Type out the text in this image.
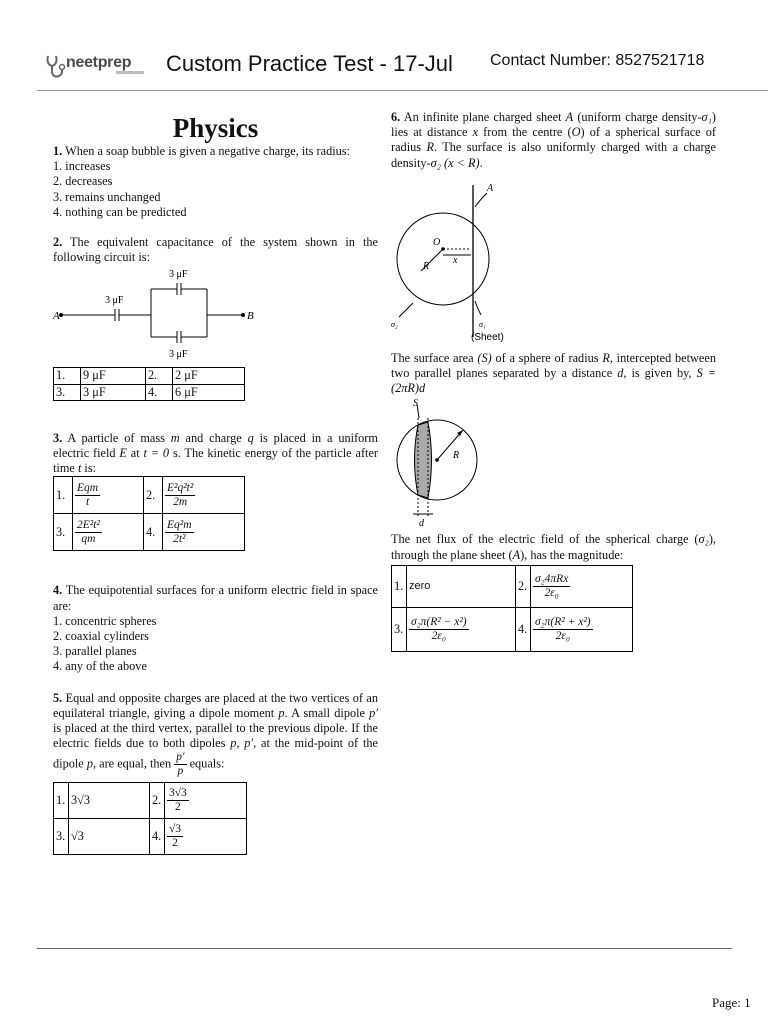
neetprep Custom Practice Test - 17-Jul Contact Number: 8527521718
Physics

1. When a soap bubble is given a negative charge, its radius:

1. increases

2. decreases

3. remains unchanged

4. nothing can be predicted

2. The equivalent capacitance of the system shown in the following circuit is:

A	B
3 μF
3 μF
3 μF
1.	9 μF	2.	2 μF
3.	3 μF	4.	6 μF

3. A particle of mass m and charge q is placed in a uniform electric field E at t = 0 s. The kinetic energy of the particle after time t is:

1.	$\frac{\text{Eqm}}{t}$	2.	$\frac{\text{E²q²t²}}{2m}$

3.	$\frac{\text{2E²t²}}{qm}$	4.	$\frac{\text{Eq²m}}{\text{2t²}}$

4. The equipotential surfaces for a uniform electric field in space are:

1. concentric spheres

2. coaxial cylinders

3. parallel planes

4. any of the above

5. Equal and opposite charges are placed at the two vertices of an equilateral triangle, giving a dipole moment p. A small dipole p′ is placed at the third vertex, parallel to the previous dipole. If the electric fields due to both dipoles p, p′, at the mid-point of the dipole p, are equal, then $\frac{p'}{p}$ equals:

1.	3√3	2.	$\frac{3√3}{2}$

3.	√3	4.	$\frac{√3}{2}$

6. An infinite plane charged sheet A (uniform charge density-σ₁) lies at distance x from the centre (O) of a spherical surface of radius R. The surface is also uniformly charged with a charge density-σ₂ (x < R).

A
O
R
x
σ₂	σ₁
(Sheet)

The surface area (S) of a sphere of radius R, intercepted between two parallel planes separated by a distance d, is given by, S = (2πR)d

S
R
d

The net flux of the electric field of the spherical charge (σ₂), through the plane sheet (A), has the magnitude:

1.	zero	2.	$\frac{\text{σ₂4πRx}}{\text{2ε₀}}$

3.	$\frac{\text{σ₂π(R² − x²)}}{\text{2ε₀}}$	4.	$\frac{\text{σ₂π(R² + x²)}}{\text{2ε₀}}$
Page: 1
